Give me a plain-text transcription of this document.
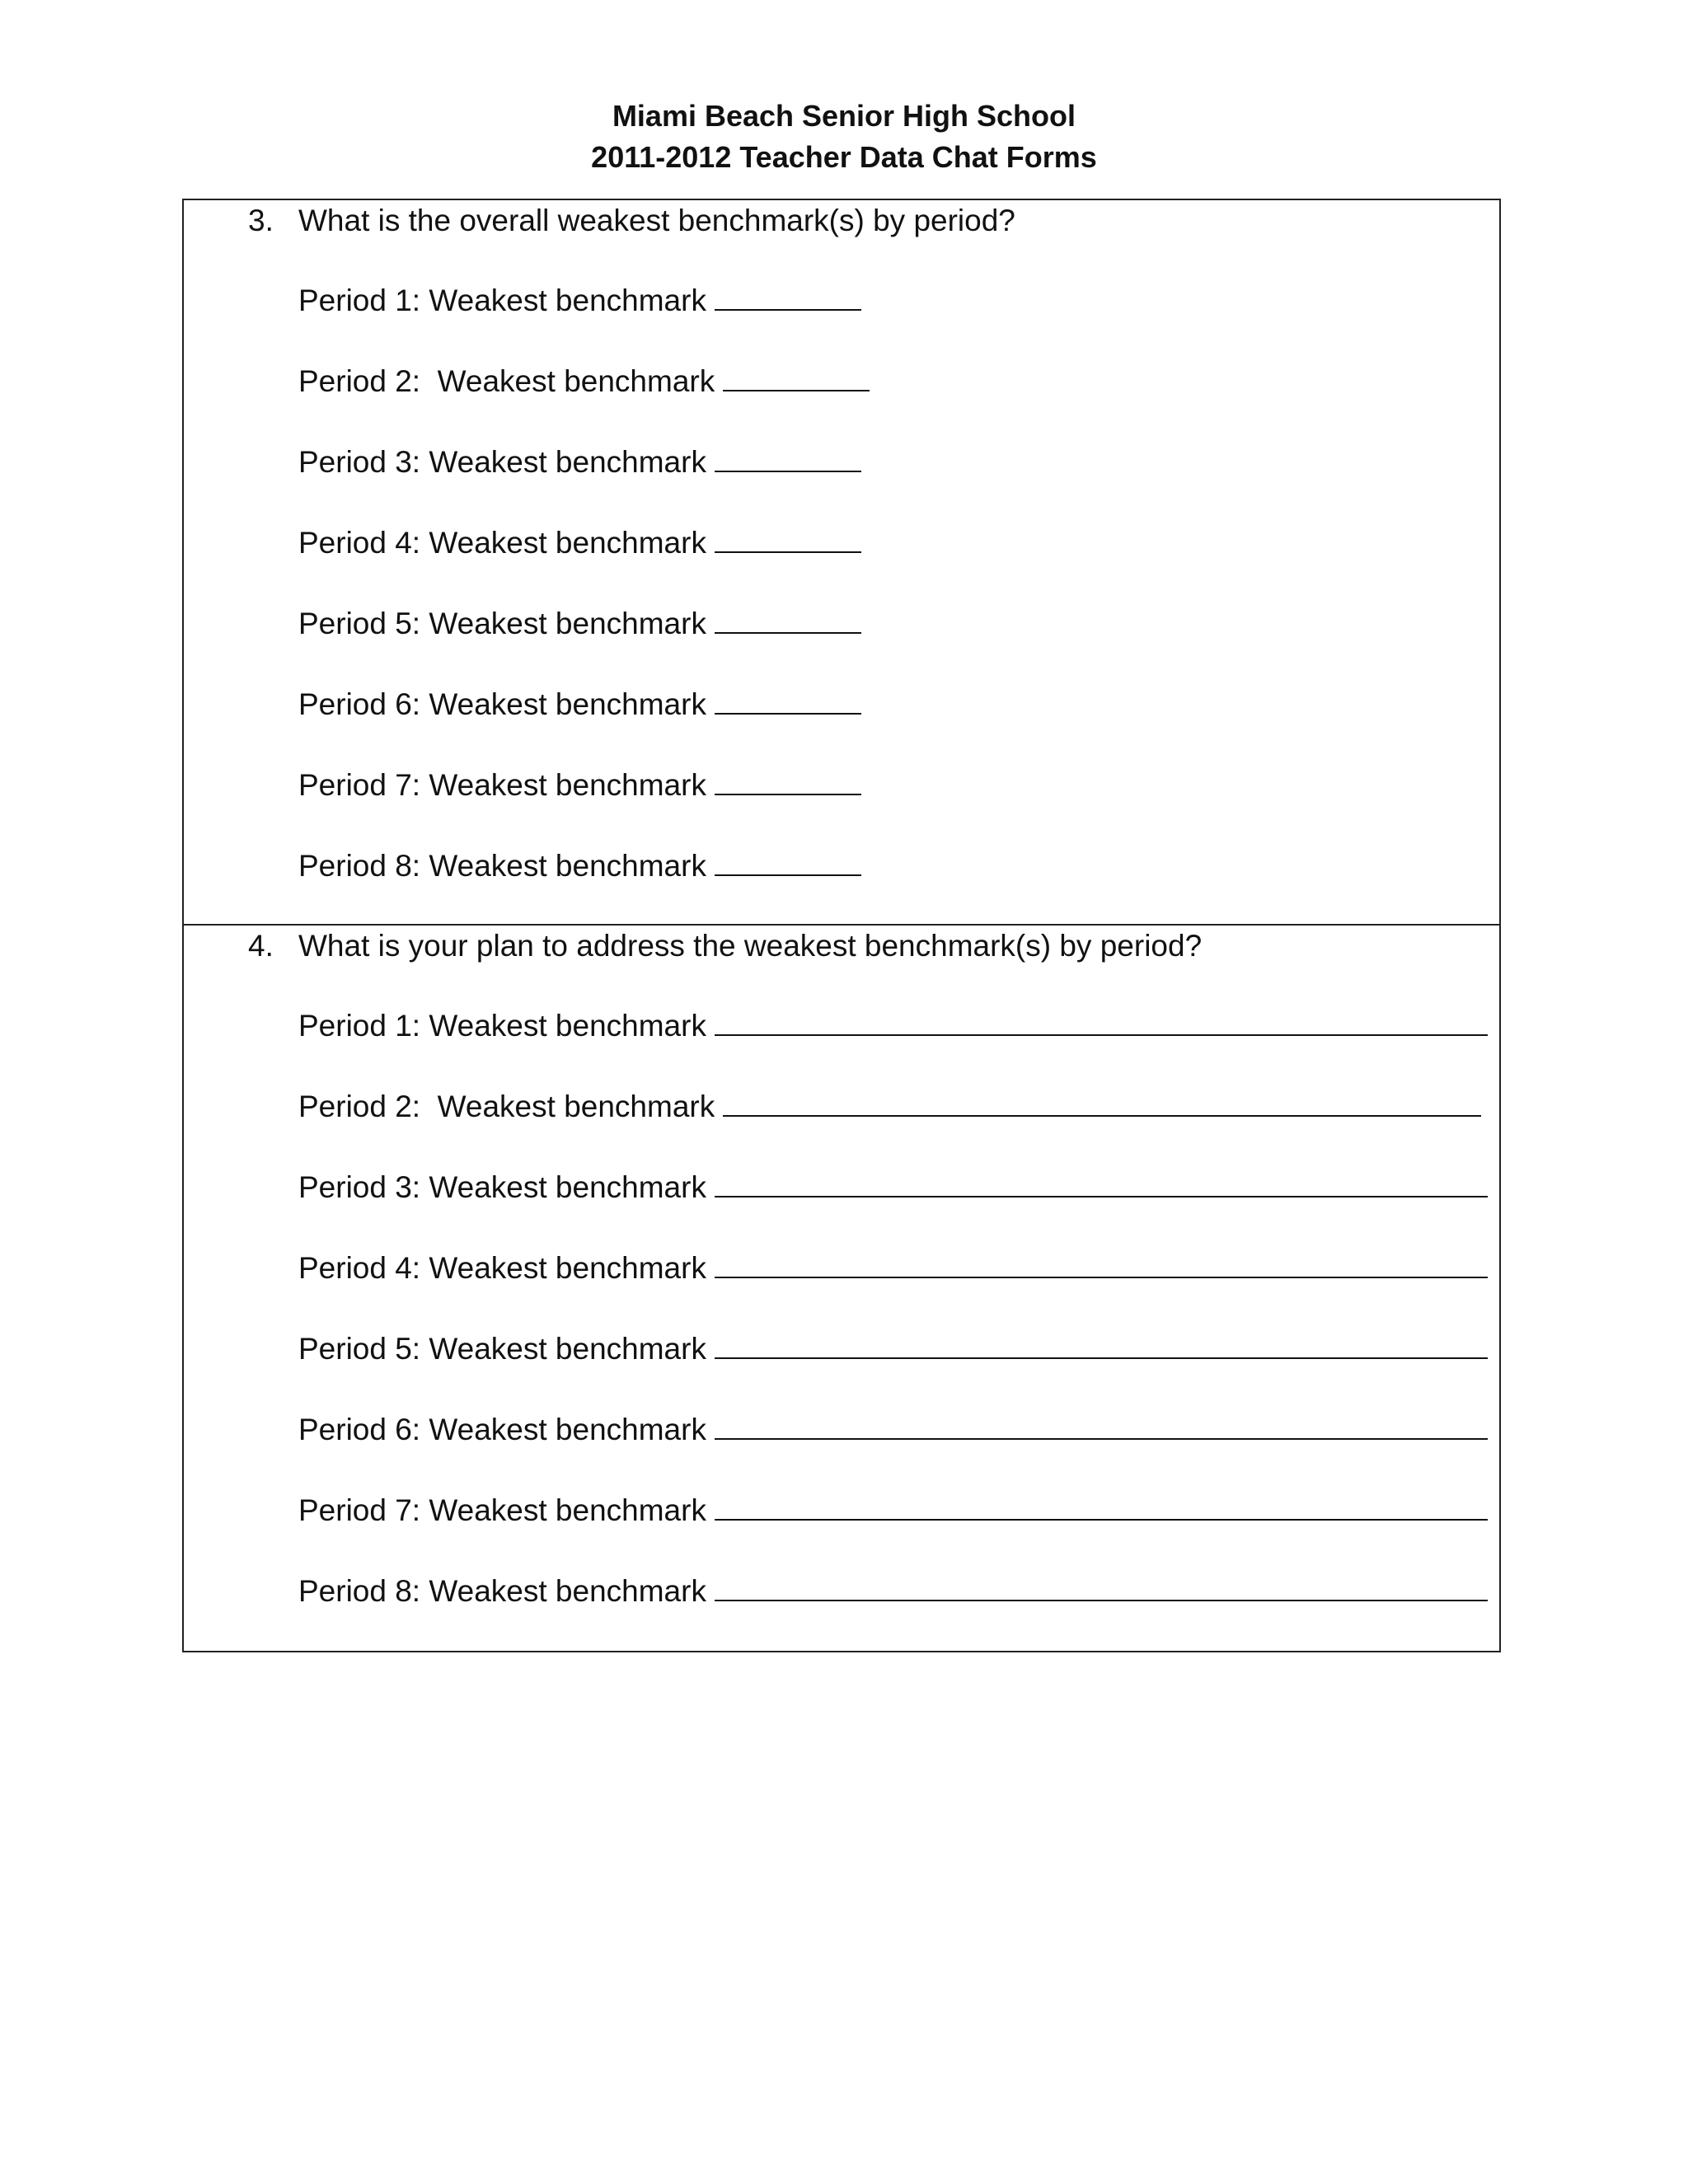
Miami Beach Senior High School
2011-2012 Teacher Data Chat Forms
3. What is the overall weakest benchmark(s) by period?
Period 1: Weakest benchmark
Period 2:  Weakest benchmark
Period 3: Weakest benchmark
Period 4: Weakest benchmark
Period 5: Weakest benchmark
Period 6: Weakest benchmark
Period 7: Weakest benchmark
Period 8: Weakest benchmark
4. What is your plan to address the weakest benchmark(s) by period?
Period 1: Weakest benchmark
Period 2:  Weakest benchmark
Period 3: Weakest benchmark
Period 4: Weakest benchmark
Period 5: Weakest benchmark
Period 6: Weakest benchmark
Period 7: Weakest benchmark
Period 8: Weakest benchmark
